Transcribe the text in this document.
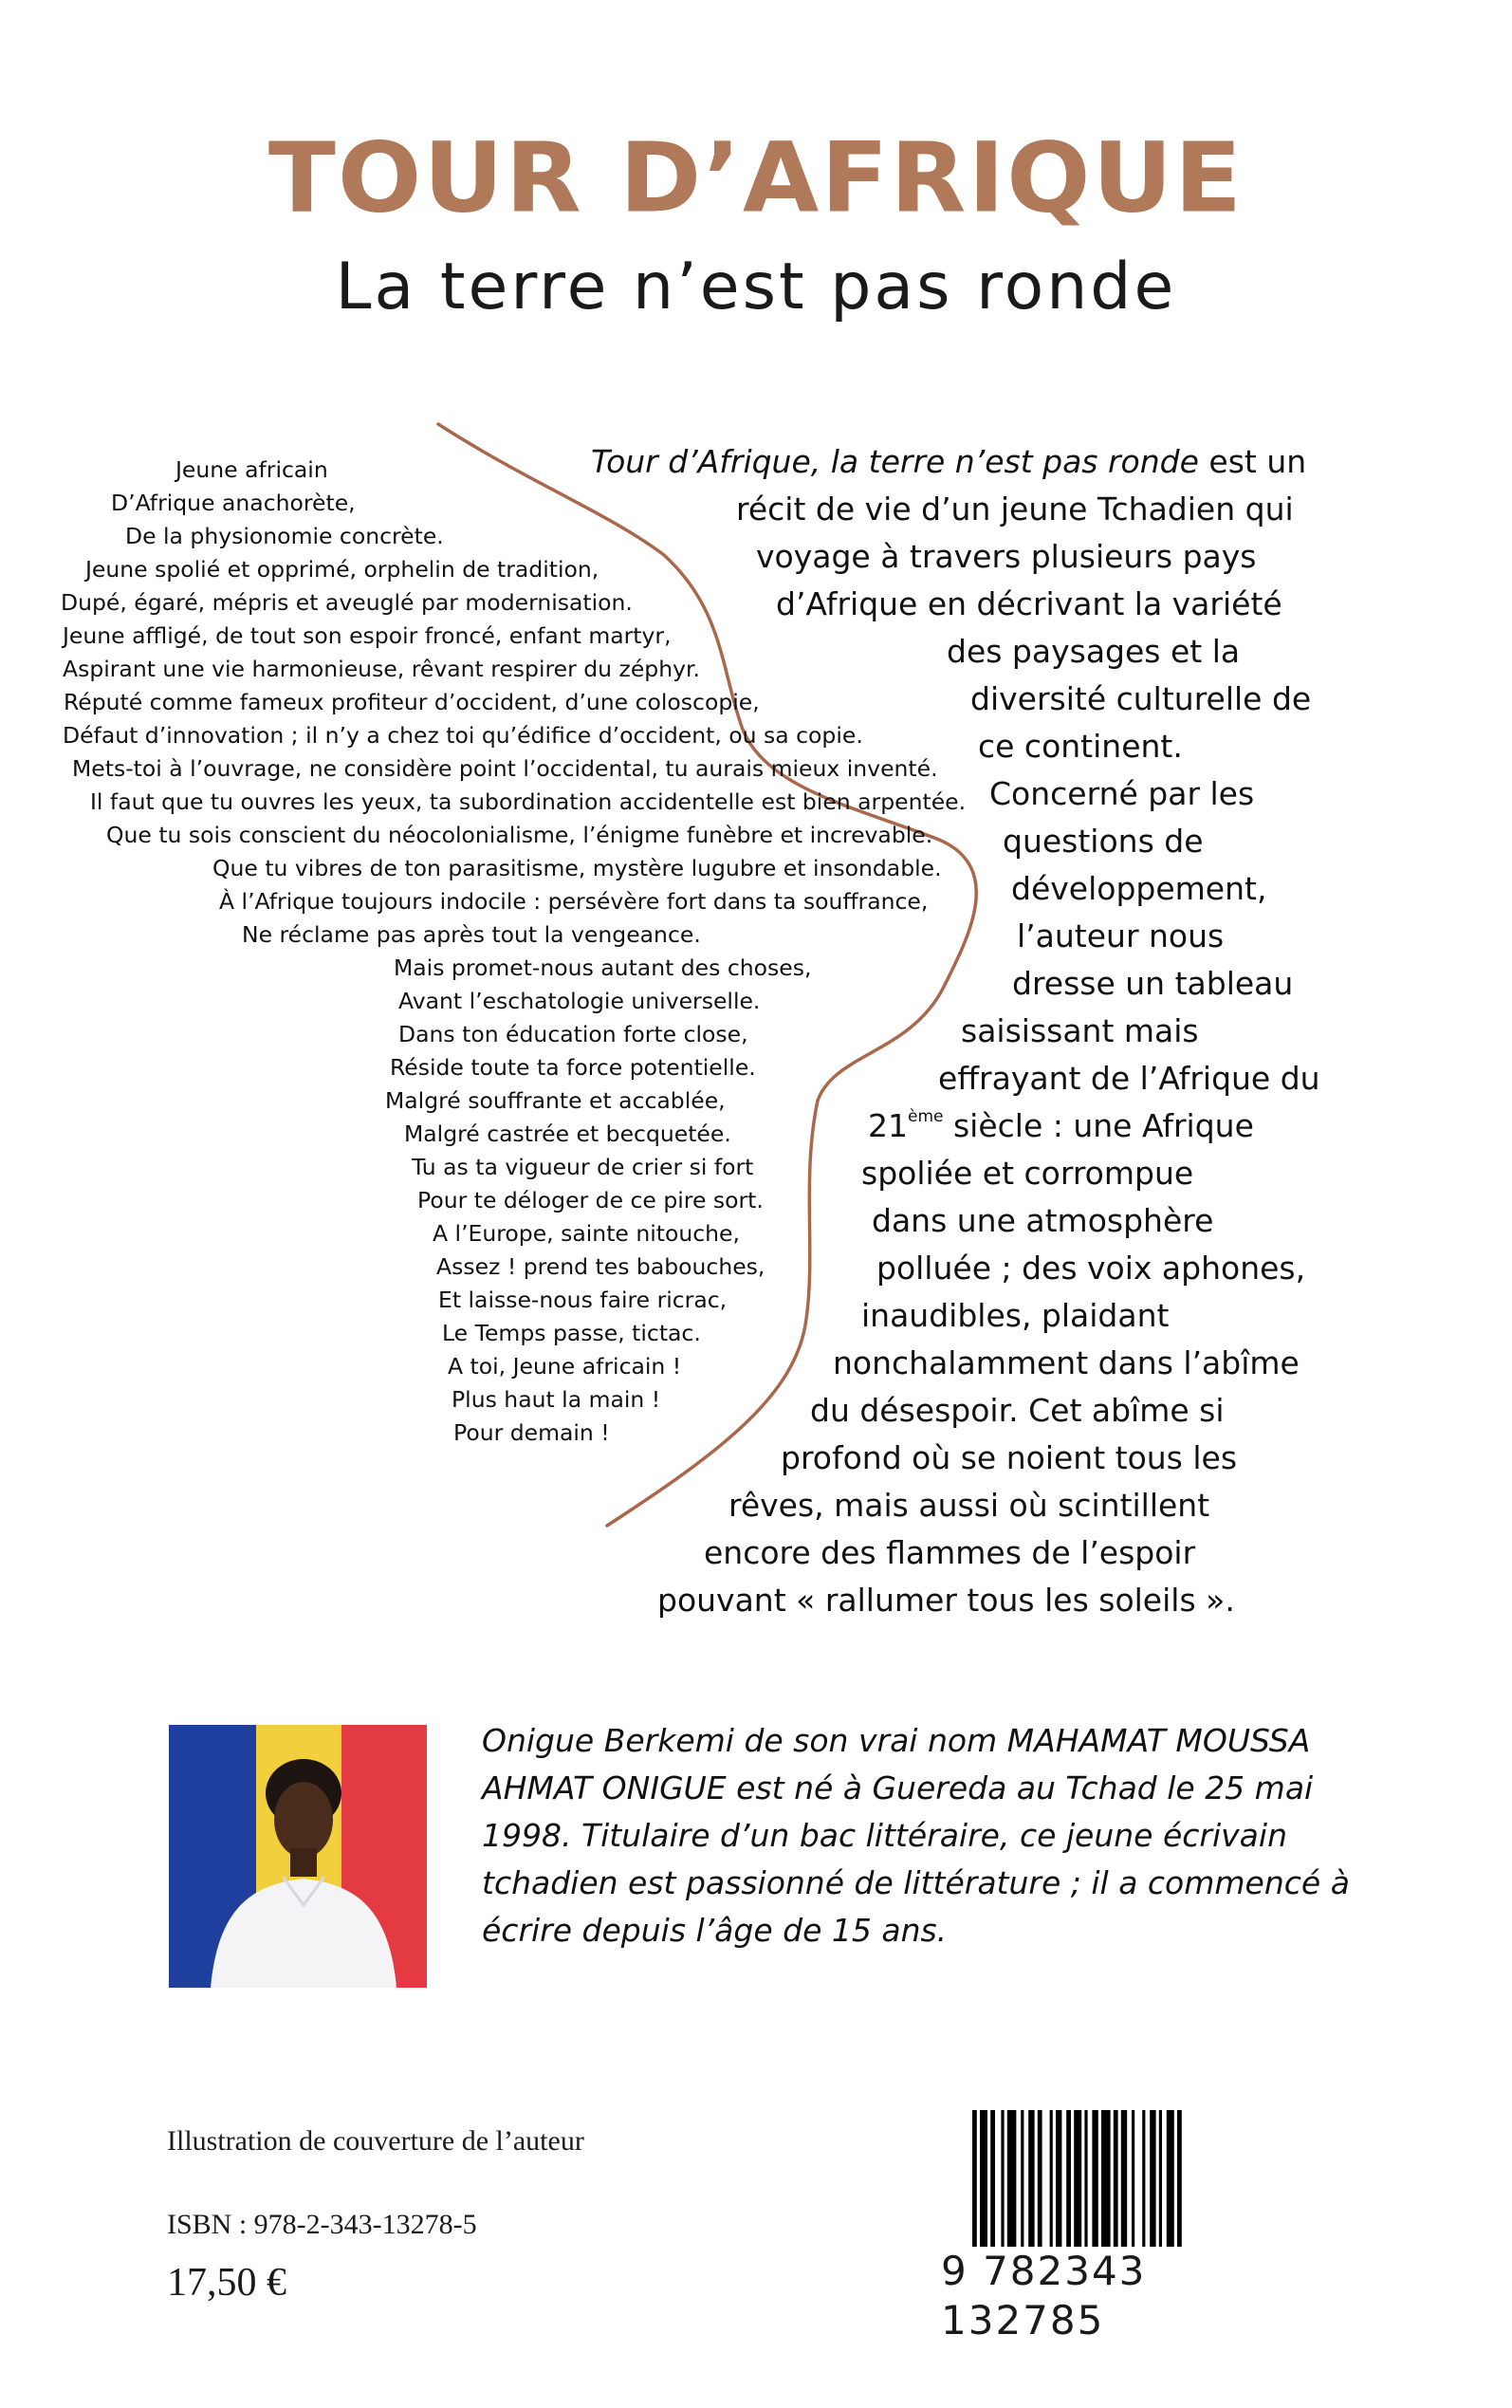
TOUR D’AFRIQUE
La terre n’est pas ronde
Jeune africain
D’Afrique anachorète,
De la physionomie concrète.
Jeune spolié et opprimé, orphelin de tradition,
Dupé, égaré, mépris et aveuglé par modernisation.
Jeune affligé, de tout son espoir froncé, enfant martyr,
Aspirant une vie harmonieuse, rêvant respirer du zéphyr.
Réputé comme fameux profiteur d’occident, d’une coloscopie,
Défaut d’innovation ; il n’y a chez toi qu’édifice d’occident, ou sa copie.
Mets-toi à l’ouvrage, ne considère point l’occidental, tu aurais mieux inventé.
Il faut que tu ouvres les yeux, ta subordination accidentelle est bien arpentée.
Que tu sois conscient du néocolonialisme, l’énigme funèbre et increvable.
Que tu vibres de ton parasitisme, mystère lugubre et insondable.
À l’Afrique toujours indocile : persévère fort dans ta souffrance,
Ne réclame pas après tout la vengeance.
Mais promet-nous autant des choses,
Avant l’eschatologie universelle.
Dans ton éducation forte close,
Réside toute ta force potentielle.
Malgré souffrante et accablée,
Malgré castrée et becquetée.
Tu as ta vigueur de crier si fort
Pour te déloger de ce pire sort.
A l’Europe, sainte nitouche,
Assez ! prend tes babouches,
Et laisse-nous faire ricrac,
Le Temps passe, tictac.
A toi, Jeune africain !
Plus haut la main !
Pour demain !
Tour d’Afrique, la terre n’est pas ronde est un
récit de vie d’un jeune Tchadien qui
voyage à travers plusieurs pays
d’Afrique en décrivant la variété
des paysages et la
diversité culturelle de
ce continent.
Concerné par les
questions de
développement,
l’auteur nous
dresse un tableau
saisissant mais
effrayant de l’Afrique du
21ème siècle : une Afrique
spoliée et corrompue
dans une atmosphère
polluée ; des voix aphones,
inaudibles, plaidant
nonchalamment dans l’abîme
du désespoir. Cet abîme si
profond où se noient tous les
rêves, mais aussi où scintillent
encore des flammes de l’espoir
pouvant « rallumer tous les soleils ».
Onigue Berkemi de son vrai nom MAHAMAT MOUSSA
AHMAT ONIGUE est né à Guereda au Tchad le 25 mai
1998. Titulaire d’un bac littéraire, ce jeune écrivain
tchadien est passionné de littérature ; il a commencé à
écrire depuis l’âge de 15 ans.
Illustration de couverture de l’auteur
ISBN : 978-2-343-13278-5
17,50 €	9 782343 132785
